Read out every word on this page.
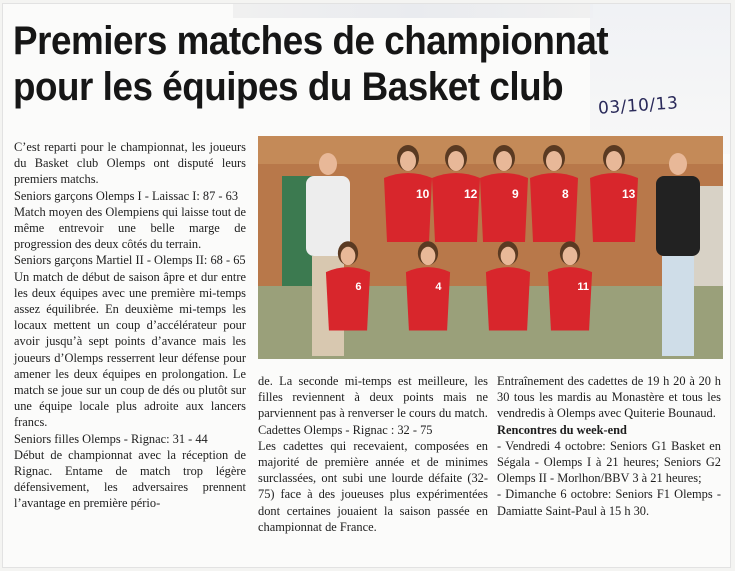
Premiers matches de championnat
pour les équipes du Basket club	03/10/13

C’est reparti pour le championnat, les joueurs du Basket club Olemps ont disputé leurs premiers matchs.

Seniors garçons Olemps I - Laissac I: 87 - 63

Match moyen des Olempiens qui laisse tout de même entrevoir une belle marge de progression des deux côtés du terrain.

Seniors garçons Martiel II - Olemps II: 68 - 65

Un match de début de saison âpre et dur entre les deux équipes avec une première mi-temps assez équilibrée. En deuxième mi-temps les locaux mettent un coup d’accélérateur pour avoir jusqu’à sept points d’avance mais les joueurs d’Olemps resserrent leur défense pour amener les deux équipes en prolongation. Le match se joue sur un coup de dés ou plutôt sur une équipe locale plus adroite aux lancers francs.

Seniors filles Olemps - Rignac: 31 - 44

Début de championnat avec la réception de Rignac. Entame de match trop légère défensivement, les adversaires prennent l’avantage en première pério-

10	12	9	8	13
6	4	11

de. La seconde mi-temps est meilleure, les filles reviennent à deux points mais ne parviennent pas à renverser le cours du match.

Cadettes Olemps - Rignac : 32 - 75

Les cadettes qui recevaient, composées en majorité de première année et de minimes surclassées, ont subi une lourde défaite (32-75) face à des joueuses plus expérimentées dont certaines jouaient la saison passée en championnat de France.

Entraînement des cadettes de 19 h 20 à 20 h 30 tous les mardis au Monastère et tous les vendredis à Olemps avec Quiterie Bounaud.

Rencontres du week-end

- Vendredi 4 octobre: Seniors G1 Basket en Ségala - Olemps I à 21 heures; Seniors G2 Olemps II - Morlhon/BBV 3 à 21 heures;

- Dimanche 6 octobre: Seniors F1 Olemps - Damiatte Saint-Paul à 15 h 30.
